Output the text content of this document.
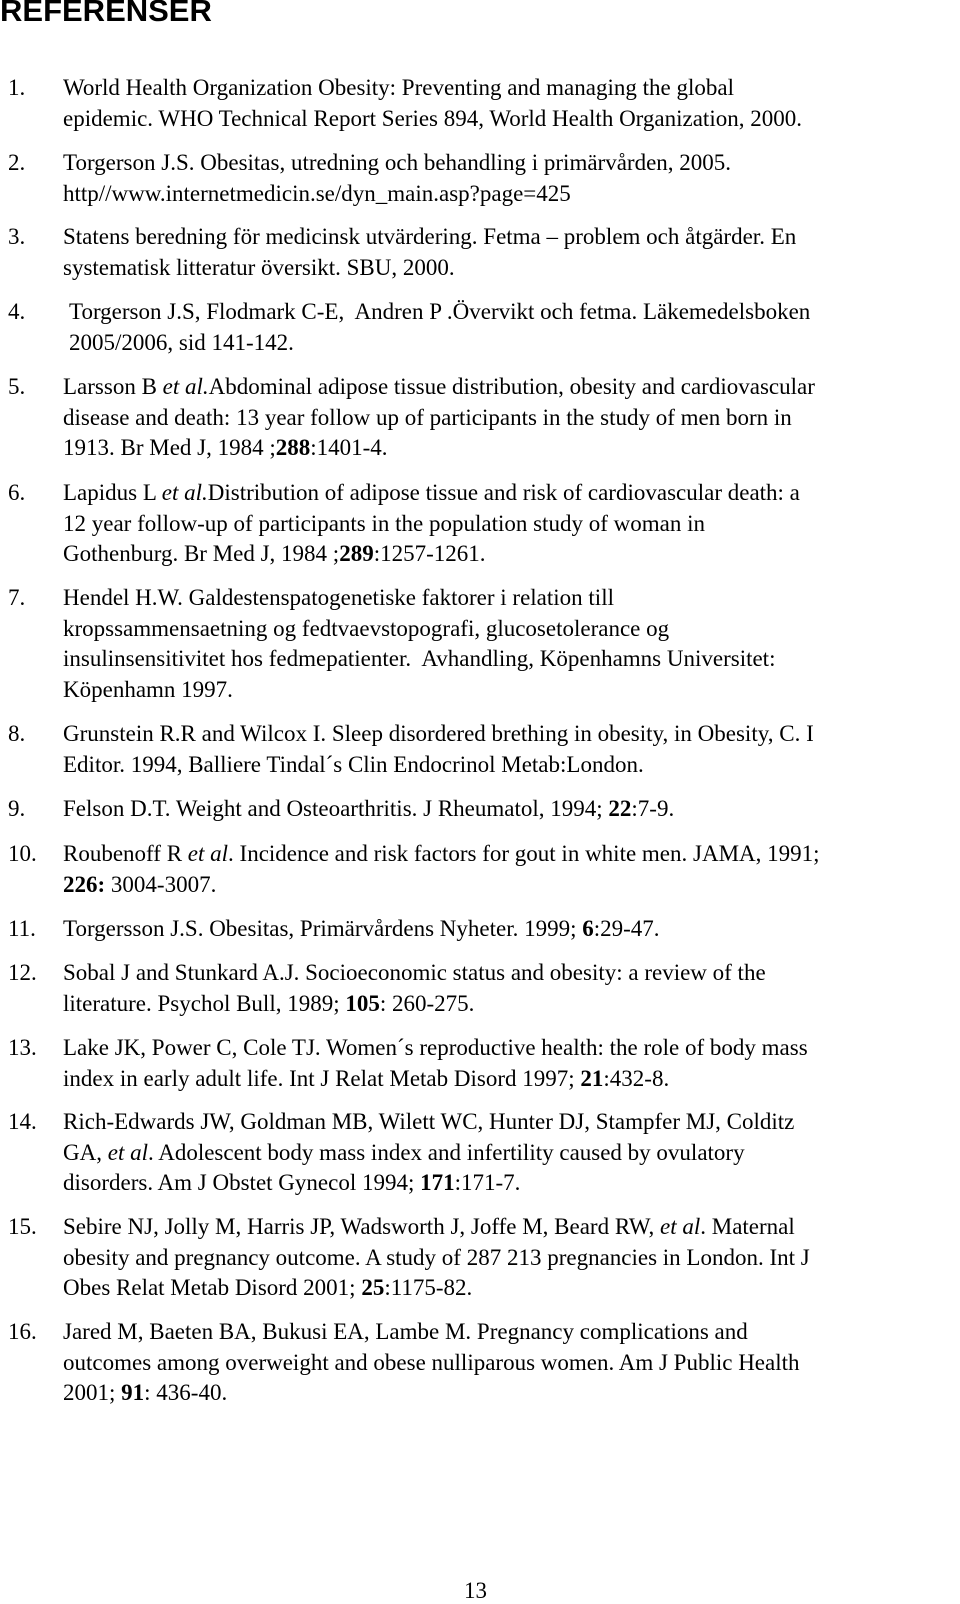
REFERENSER
1. World Health Organization Obesity: Preventing and managing the global
epidemic. WHO Technical Report Series 894, World Health Organization, 2000.
2. Torgerson J.S. Obesitas, utredning och behandling i primärvården, 2005.
http//www.internetmedicin.se/dyn_main.asp?page=425
3. Statens beredning för medicinsk utvärdering. Fetma – problem och åtgärder. En
systematisk litteratur översikt. SBU, 2000.
4. Torgerson J.S, Flodmark C-E,  Andren P .Övervikt och fetma. Läkemedelsboken
2005/2006, sid 141-142.
5. Larsson B et al.Abdominal adipose tissue distribution, obesity and cardiovascular
disease and death: 13 year follow up of participants in the study of men born in
1913. Br Med J, 1984 ;288:1401-4.
6. Lapidus L et al.Distribution of adipose tissue and risk of cardiovascular death: a
12 year follow-up of participants in the population study of woman in
Gothenburg. Br Med J, 1984 ;289:1257-1261.
7. Hendel H.W. Galdestenspatogenetiske faktorer i relation till
kropssammensaetning og fedtvaevstopografi, glucosetolerance og
insulinsensitivitet hos fedmepatienter.  Avhandling, Köpenhamns Universitet:
Köpenhamn 1997.
8. Grunstein R.R and Wilcox I. Sleep disordered brething in obesity, in Obesity, C. I
Editor. 1994, Balliere Tindal´s Clin Endocrinol Metab:London.
9. Felson D.T. Weight and Osteoarthritis. J Rheumatol, 1994; 22:7-9.
10. Roubenoff R et al. Incidence and risk factors for gout in white men. JAMA, 1991;
226: 3004-3007.
11. Torgersson J.S. Obesitas, Primärvårdens Nyheter. 1999; 6:29-47.
12. Sobal J and Stunkard A.J. Socioeconomic status and obesity: a review of the
literature. Psychol Bull, 1989; 105: 260-275.
13. Lake JK, Power C, Cole TJ. Women´s reproductive health: the role of body mass
index in early adult life. Int J Relat Metab Disord 1997; 21:432-8.
14. Rich-Edwards JW, Goldman MB, Wilett WC, Hunter DJ, Stampfer MJ, Colditz
GA, et al. Adolescent body mass index and infertility caused by ovulatory
disorders. Am J Obstet Gynecol 1994; 171:171-7.
15. Sebire NJ, Jolly M, Harris JP, Wadsworth J, Joffe M, Beard RW, et al. Maternal
obesity and pregnancy outcome. A study of 287 213 pregnancies in London. Int J
Obes Relat Metab Disord 2001; 25:1175-82.
16. Jared M, Baeten BA, Bukusi EA, Lambe M. Pregnancy complications and
outcomes among overweight and obese nulliparous women. Am J Public Health
2001; 91: 436-40.
13
